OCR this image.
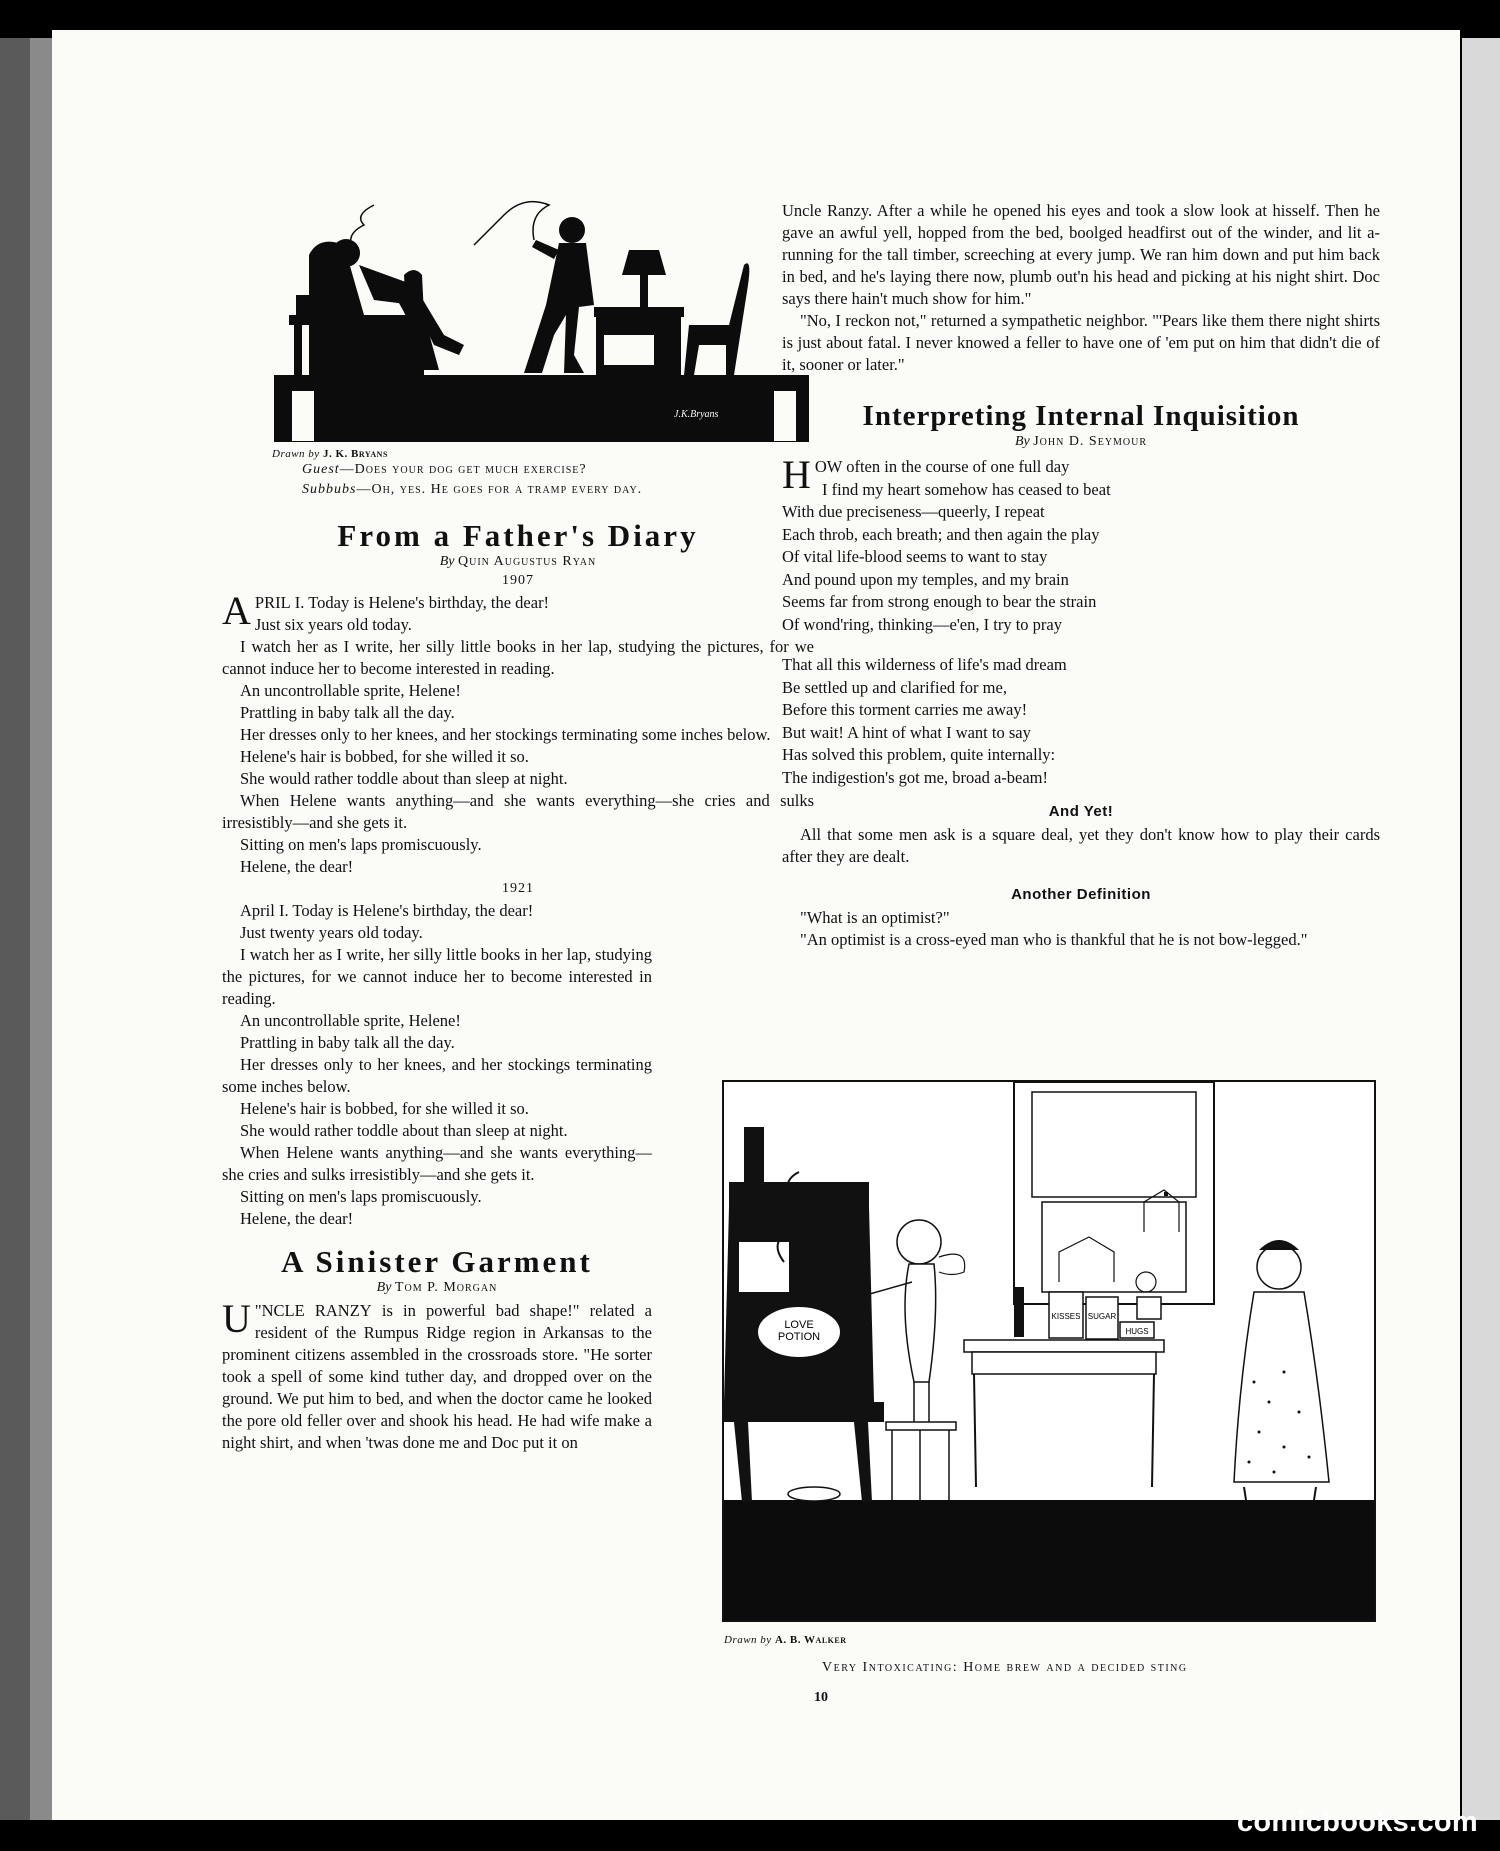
J.K.Bryans

Drawn by J. K. Bryans

Guest—Does your dog get much exercise?
Subbubs—Oh, yes. He goes for a tramp every day.
From a Father's Diary

By Quin Augustus Ryan

1907

APRIL I. Today is Helene's birthday, the dear!

Just six years old today.

I watch her as I write, her silly little books in her lap, studying the pictures, for we cannot induce her to become interested in reading.

An uncontrollable sprite, Helene!

Prattling in baby talk all the day.

Her dresses only to her knees, and her stockings terminating some inches below.

Helene's hair is bobbed, for she willed it so.

She would rather toddle about than sleep at night.

When Helene wants anything—and she wants everything—she cries and sulks irresistibly—and she gets it.

Sitting on men's laps promiscuously.

Helene, the dear!

1921

April I. Today is Helene's birthday, the dear!

Just twenty years old today.

I watch her as I write, her silly little books in her lap, studying the pictures, for we cannot induce her to become interested in reading.

An uncontrollable sprite, Helene!

Prattling in baby talk all the day.

Her dresses only to her knees, and her stockings terminating some inches below.

Helene's hair is bobbed, for she willed it so.

She would rather toddle about than sleep at night.

When Helene wants anything—and she wants everything—she cries and sulks irresistibly—and she gets it.

Sitting on men's laps promiscuously.

Helene, the dear!

A Sinister Garment

By Tom P. Morgan

U "NCLE RANZY is in powerful bad shape!" related a resident of the Rumpus Ridge region in Arkansas to the prominent citizens assembled in the crossroads store. "He sorter took a spell of some kind tuther day, and dropped over on the ground. We put him to bed, and when the doctor came he looked the pore old feller over and shook his head. He had wife make a night shirt, and when 'twas done me and Doc put it on

Uncle Ranzy. After a while he opened his eyes and took a slow look at hisself. Then he gave an awful yell, hopped from the bed, boolged headfirst out of the winder, and lit a-running for the tall timber, screeching at every jump. We ran him down and put him back in bed, and he's laying there now, plumb out'n his head and picking at his night shirt. Doc says there hain't much show for him."

"No, I reckon not," returned a sympathetic neighbor. "'Pears like them there night shirts is just about fatal. I never knowed a feller to have one of 'em put on him that didn't die of it, sooner or later."

Interpreting Internal Inquisition

By John D. Seymour

HOW often in the course of one full day

I find my heart somehow has ceased to beat

With due preciseness—queerly, I repeat

Each throb, each breath; and then again the play

Of vital life-blood seems to want to stay

And pound upon my temples, and my brain

Seems far from strong enough to bear the strain

Of wond'ring, thinking—e'en, I try to pray

That all this wilderness of life's mad dream

Be settled up and clarified for me,

Before this torment carries me away!

But wait! A hint of what I want to say

Has solved this problem, quite internally:

The indigestion's got me, broad a-beam!

And Yet!

All that some men ask is a square deal, yet they don't know how to play their cards after they are dealt.

Another Definition

"What is an optimist?"

"An optimist is a cross-eyed man who is thankful that he is not bow-legged."

LOVE
POTION
KISSES SUGAR
HUGS

Drawn by A. B. Walker

Very Intoxicating: Home brew and a decided sting

10

comicbooks.com
